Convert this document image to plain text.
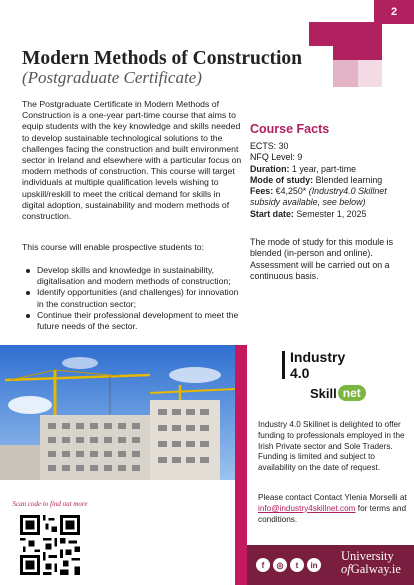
2
Modern Methods of Construction
(Postgraduate Certificate)

The Postgraduate Certificate in Modern Methods of Construction is a one-year part-time course that aims to equip students with the key knowledge and skills needed to develop sustainable technological solutions to the challenges facing the construction and built environment sector in Ireland and elsewhere with a particular focus on modern methods of construction. This course will target individuals at multiple qualification levels wishing to upskill/reskill to meet the critical demand for skills in digital adoption, sustainability and modern methods of construction.

This course will enable prospective students to:

Develop skills and knowledge in sustainability, digitalisation and modern methods of construction;
Identify opportunities (and challenges) for innovation in the construction sector;
Continue their professional development to meet the future needs of the sector.
Course Facts
ECTS: 30
NFQ Level: 9
Duration: 1 year, part-time
Mode of study: Blended learning
Fees: €4,250* (Industry4.0 Skillnet subsidy available, see below)
Start date: Semester 1, 2025

The mode of study for this module is blended (in-person and online). Assessment will be carried out on a continuous basis.

Scan code to find out more
Industry
4.0
Skill net

Industry 4.0 Skillnet is delighted to offer funding to professionals employed in the Irish Private sector and Sole Traders. Funding is limited and subject to availability on the date of request.

Please contact Contact Ylenia Morselli at info@industry4skillnet.com for terms and conditions.

f	◎	t	in
University
ofGalway.ie
